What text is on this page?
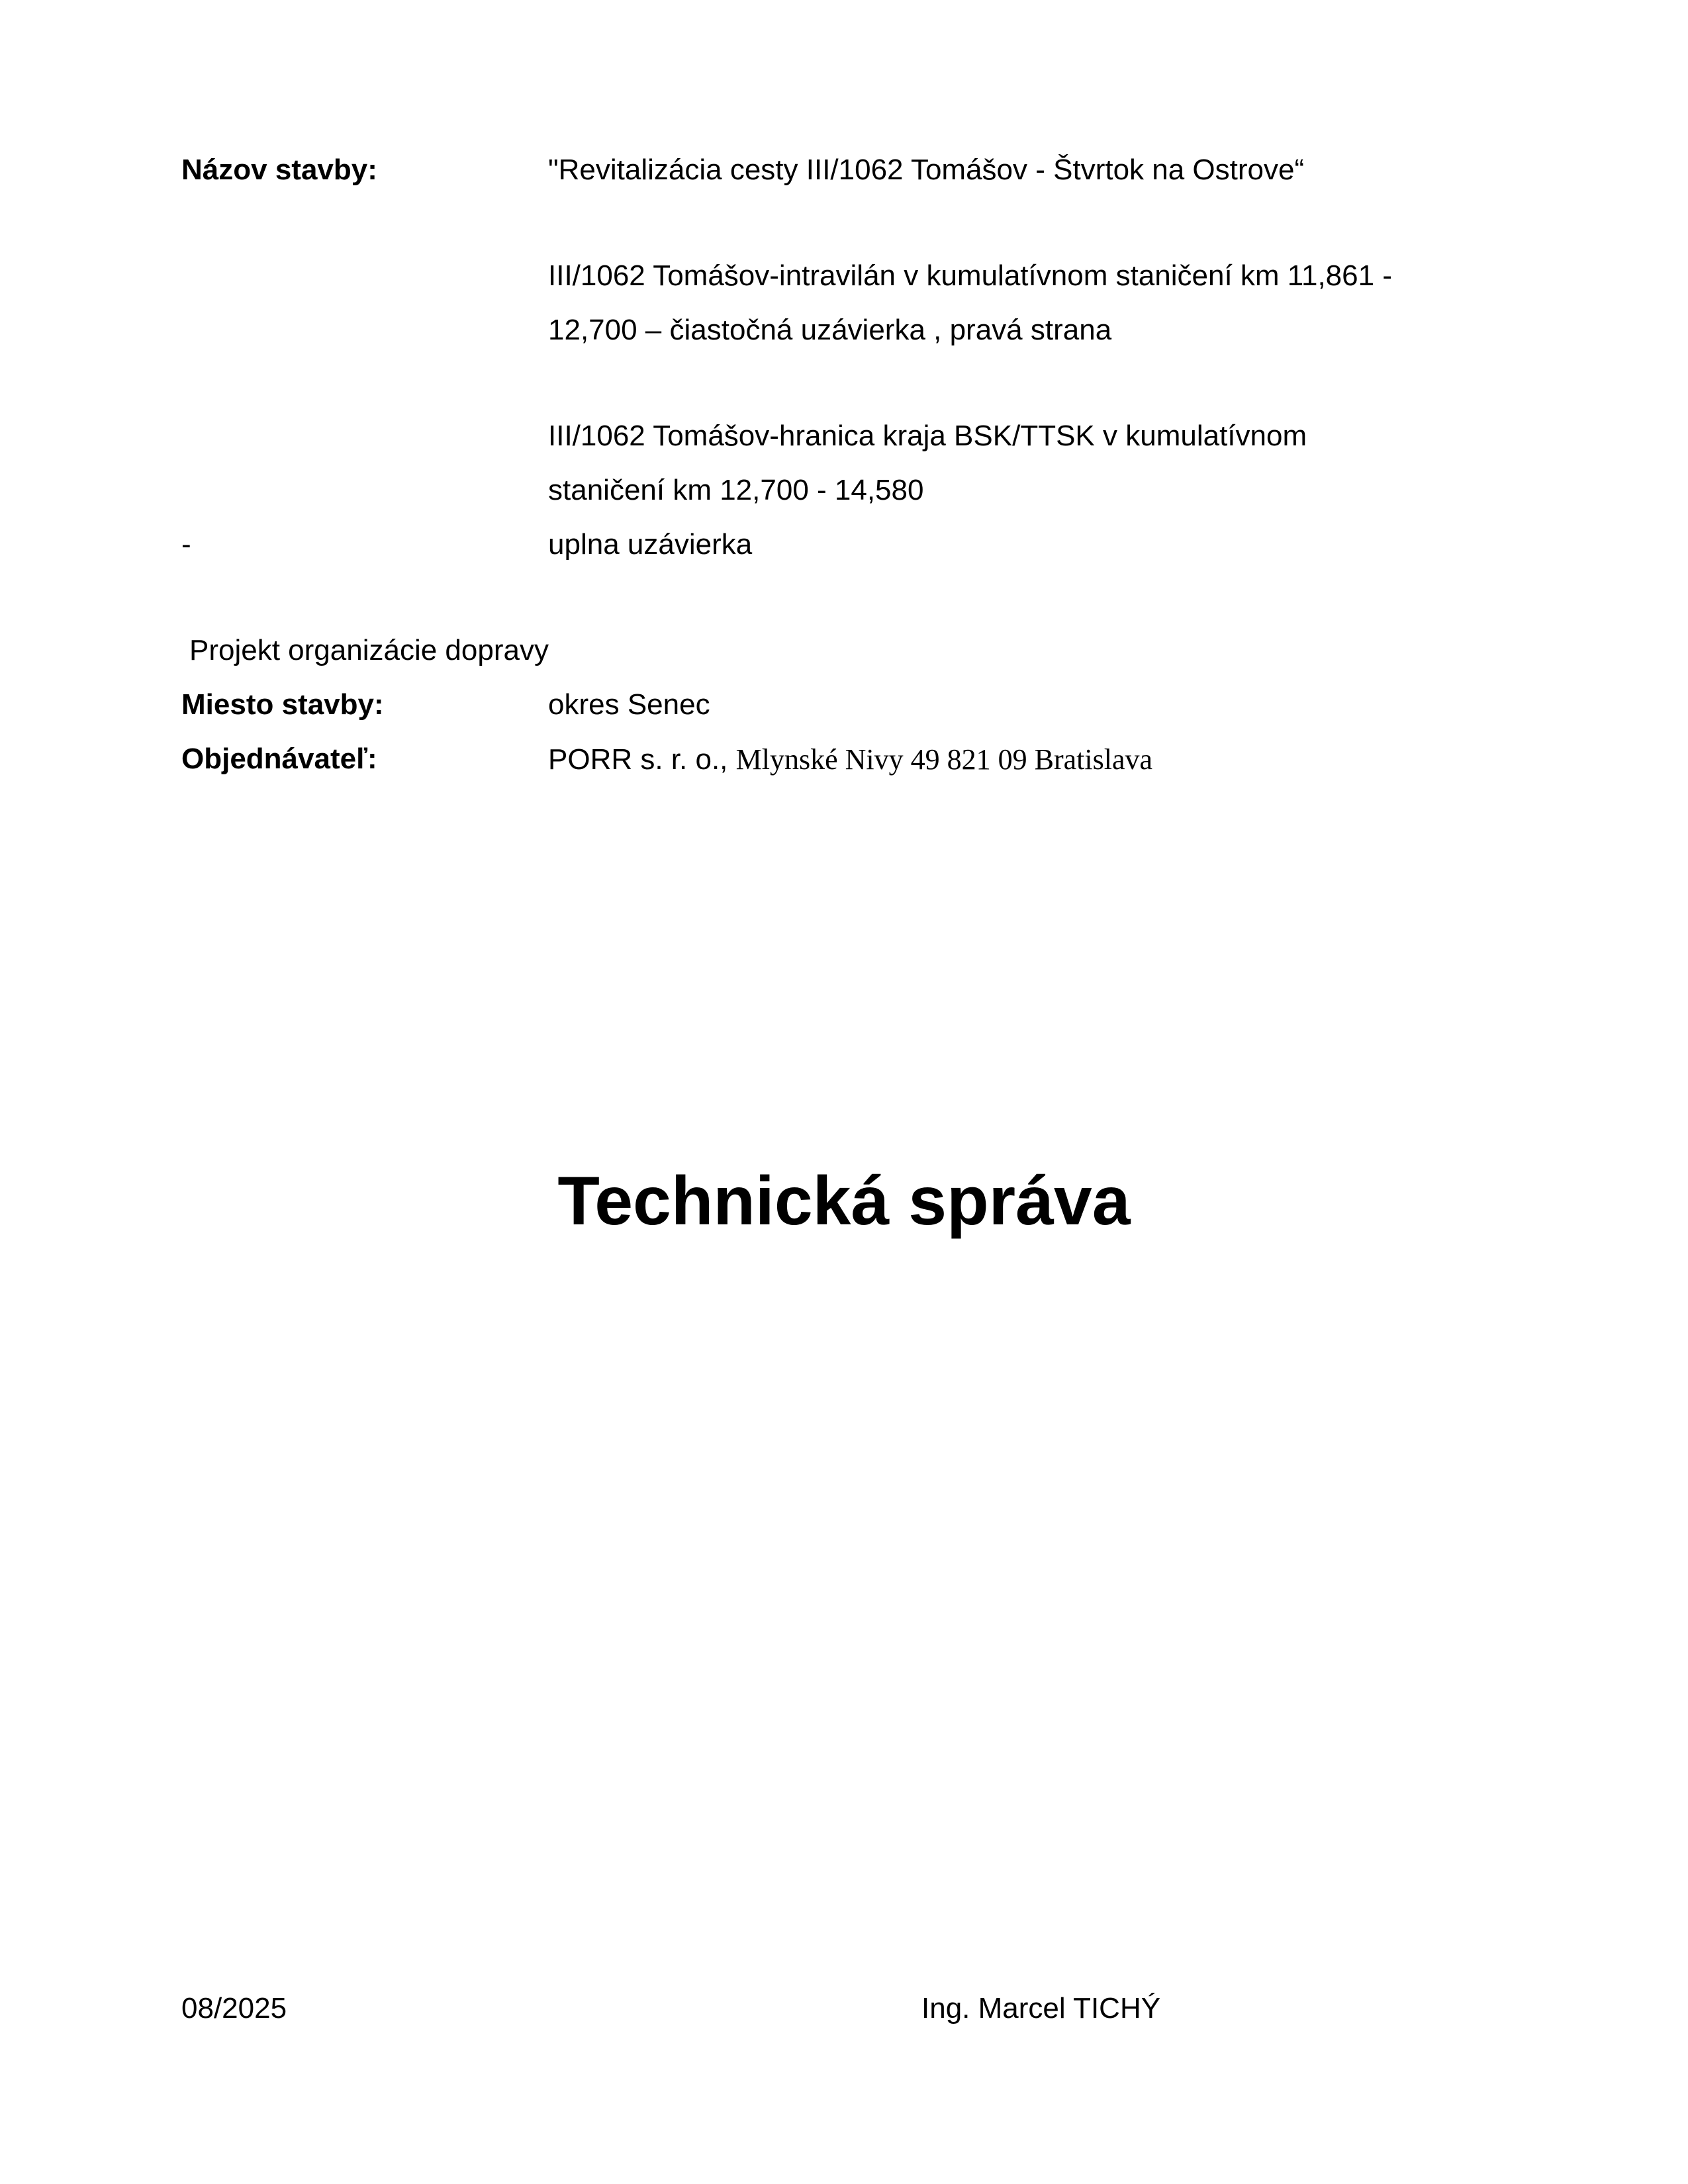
Názov stavby:	"Revitalizácia cesty III/1062 Tomášov - Štvrtok na Ostrove“
III/1062 Tomášov-intravilán v kumulatívnom staničení km 11,861 -
12,700 – čiastočná uzávierka , pravá strana
III/1062 Tomášov-hranica kraja BSK/TTSK v kumulatívnom
staničení km 12,700 - 14,580
-	uplna uzávierka
Projekt organizácie dopravy
Miesto stavby:	okres Senec
Objednávateľ:	PORR s. r. o., Mlynské Nivy 49 821 09 Bratislava
Technická správa
08/2025	Ing. Marcel TICHÝ
